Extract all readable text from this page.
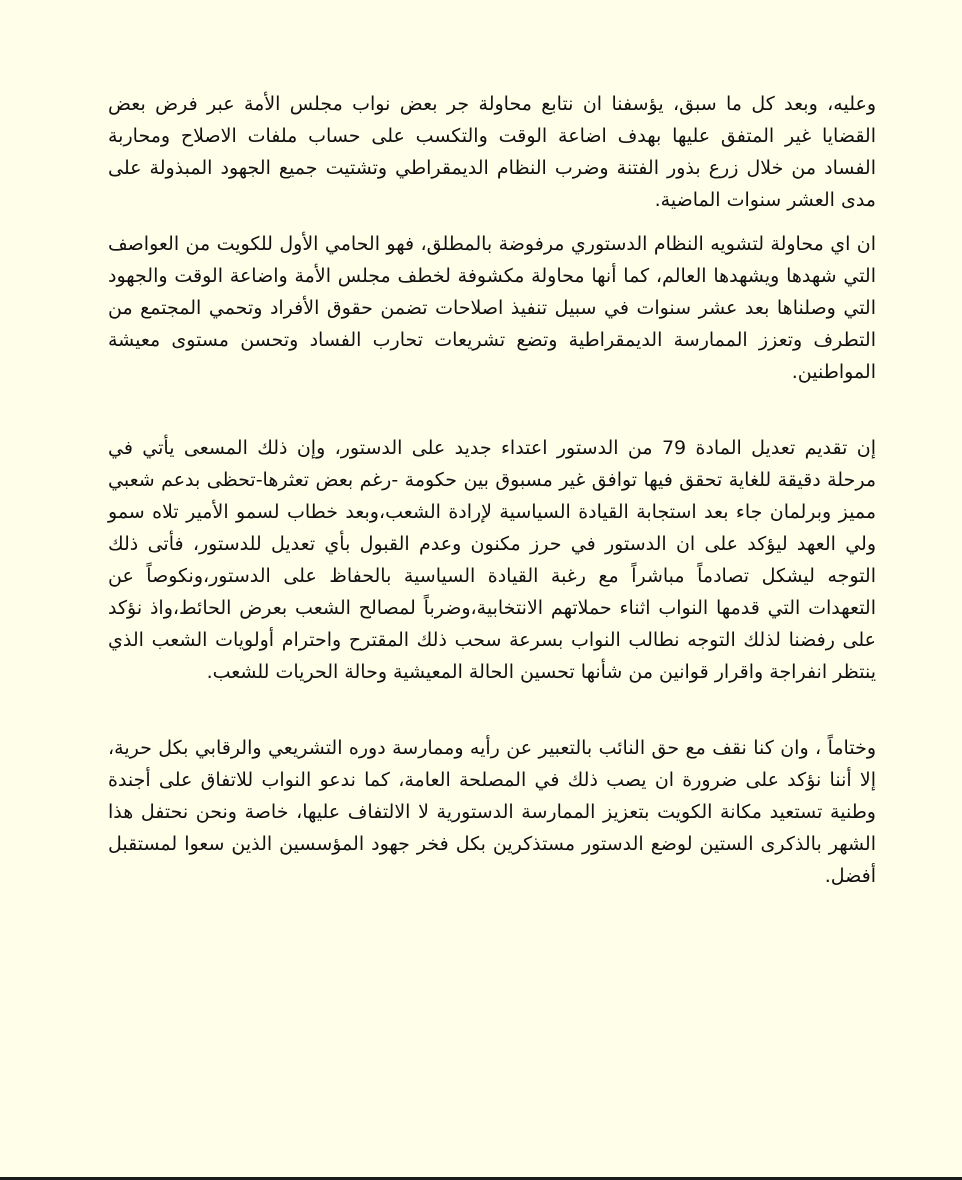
وعليه، وبعد كل ما سبق، يؤسفنا ان نتابع محاولة جر بعض نواب مجلس الأمة عبر فرض بعض القضايا غير المتفق عليها بهدف اضاعة الوقت والتكسب على حساب ملفات الاصلاح ومحاربة الفساد من خلال زرع بذور الفتنة وضرب النظام الديمقراطي وتشتيت جميع الجهود المبذولة على مدى العشر سنوات الماضية.

ان اي محاولة لتشويه النظام الدستوري مرفوضة بالمطلق، فهو الحامي الأول للكويت من العواصف التي شهدها ويشهدها العالم، كما أنها محاولة مكشوفة لخطف مجلس الأمة واضاعة الوقت والجهود التي وصلناها بعد عشر سنوات في سبيل تنفيذ اصلاحات تضمن حقوق الأفراد وتحمي المجتمع من التطرف وتعزز الممارسة الديمقراطية وتضع تشريعات تحارب الفساد وتحسن مستوى معيشة المواطنين.

إن تقديم تعديل المادة 79 من الدستور اعتداء جديد على الدستور، وإن ذلك المسعى يأتي في مرحلة دقيقة للغاية تحقق فيها توافق غير مسبوق بين حكومة -رغم بعض تعثرها-تحظى بدعم شعبي مميز وبرلمان جاء بعد استجابة القيادة السياسية لإرادة الشعب،وبعد خطاب لسمو الأمير تلاه سمو ولي العهد ليؤكد على ان الدستور في حرز مكنون وعدم القبول بأي تعديل للدستور، فأتى ذلك التوجه ليشكل تصادماً مباشراً مع رغبة القيادة السياسية بالحفاظ على الدستور،ونكوصاً عن التعهدات التي قدمها النواب اثناء حملاتهم الانتخابية،وضرباً لمصالح الشعب بعرض الحائط،واذ نؤكد على رفضنا لذلك التوجه نطالب النواب بسرعة سحب ذلك المقترح واحترام أولويات الشعب الذي ينتظر انفراجة واقرار قوانين من شأنها تحسين الحالة المعيشية وحالة الحريات للشعب.

وختاماً ، وان كنا نقف مع حق النائب بالتعبير عن رأيه وممارسة دوره التشريعي والرقابي بكل حرية، إلا أننا نؤكد على ضرورة ان يصب ذلك في المصلحة العامة، كما ندعو النواب للاتفاق على أجندة وطنية تستعيد مكانة الكويت بتعزيز الممارسة الدستورية لا الالتفاف عليها، خاصة ونحن نحتفل هذا الشهر بالذكرى الستين لوضع الدستور مستذكرين بكل فخر جهود المؤسسين الذين سعوا لمستقبل أفضل.
